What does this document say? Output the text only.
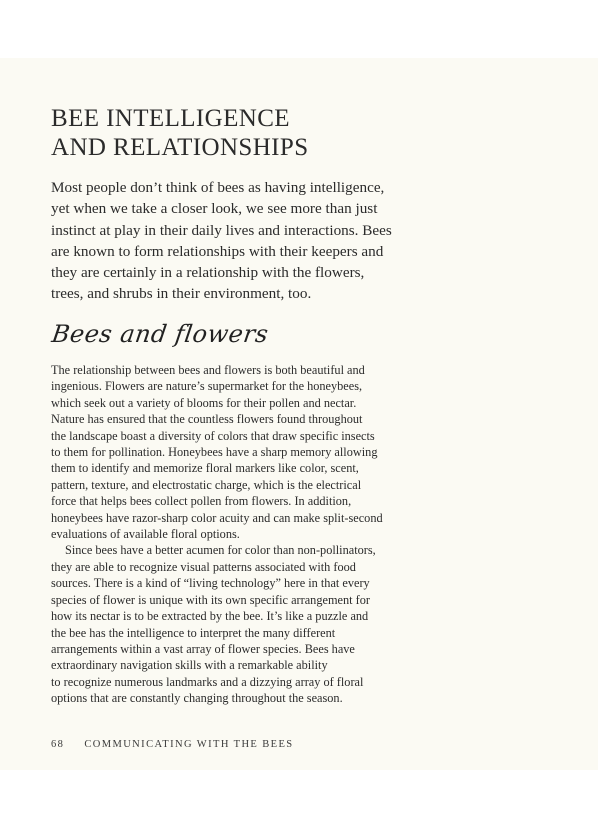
BEE INTELLIGENCE
AND RELATIONSHIPS
Most people don’t think of bees as having intelligence,
yet when we take a closer look, we see more than just
instinct at play in their daily lives and interactions. Bees
are known to form relationships with their keepers and
they are certainly in a relationship with the flowers,
trees, and shrubs in their environment, too.
Bees and flowers
The relationship between bees and flowers is both beautiful and
ingenious. Flowers are nature’s supermarket for the honeybees,
which seek out a variety of blooms for their pollen and nectar.
Nature has ensured that the countless flowers found throughout
the landscape boast a diversity of colors that draw specific insects
to them for pollination. Honeybees have a sharp memory allowing
them to identify and memorize floral markers like color, scent,
pattern, texture, and electrostatic charge, which is the electrical
force that helps bees collect pollen from flowers. In addition,
honeybees have razor-sharp color acuity and can make split-second
evaluations of available floral options.
Since bees have a better acumen for color than non-pollinators,
they are able to recognize visual patterns associated with food
sources. There is a kind of “living technology” here in that every
species of flower is unique with its own specific arrangement for
how its nectar is to be extracted by the bee. It’s like a puzzle and
the bee has the intelligence to interpret the many different
arrangements within a vast array of flower species. Bees have
extraordinary navigation skills with a remarkable ability
to recognize numerous landmarks and a dizzying array of floral
options that are constantly changing throughout the season.
68 COMMUNICATING WITH THE BEES
